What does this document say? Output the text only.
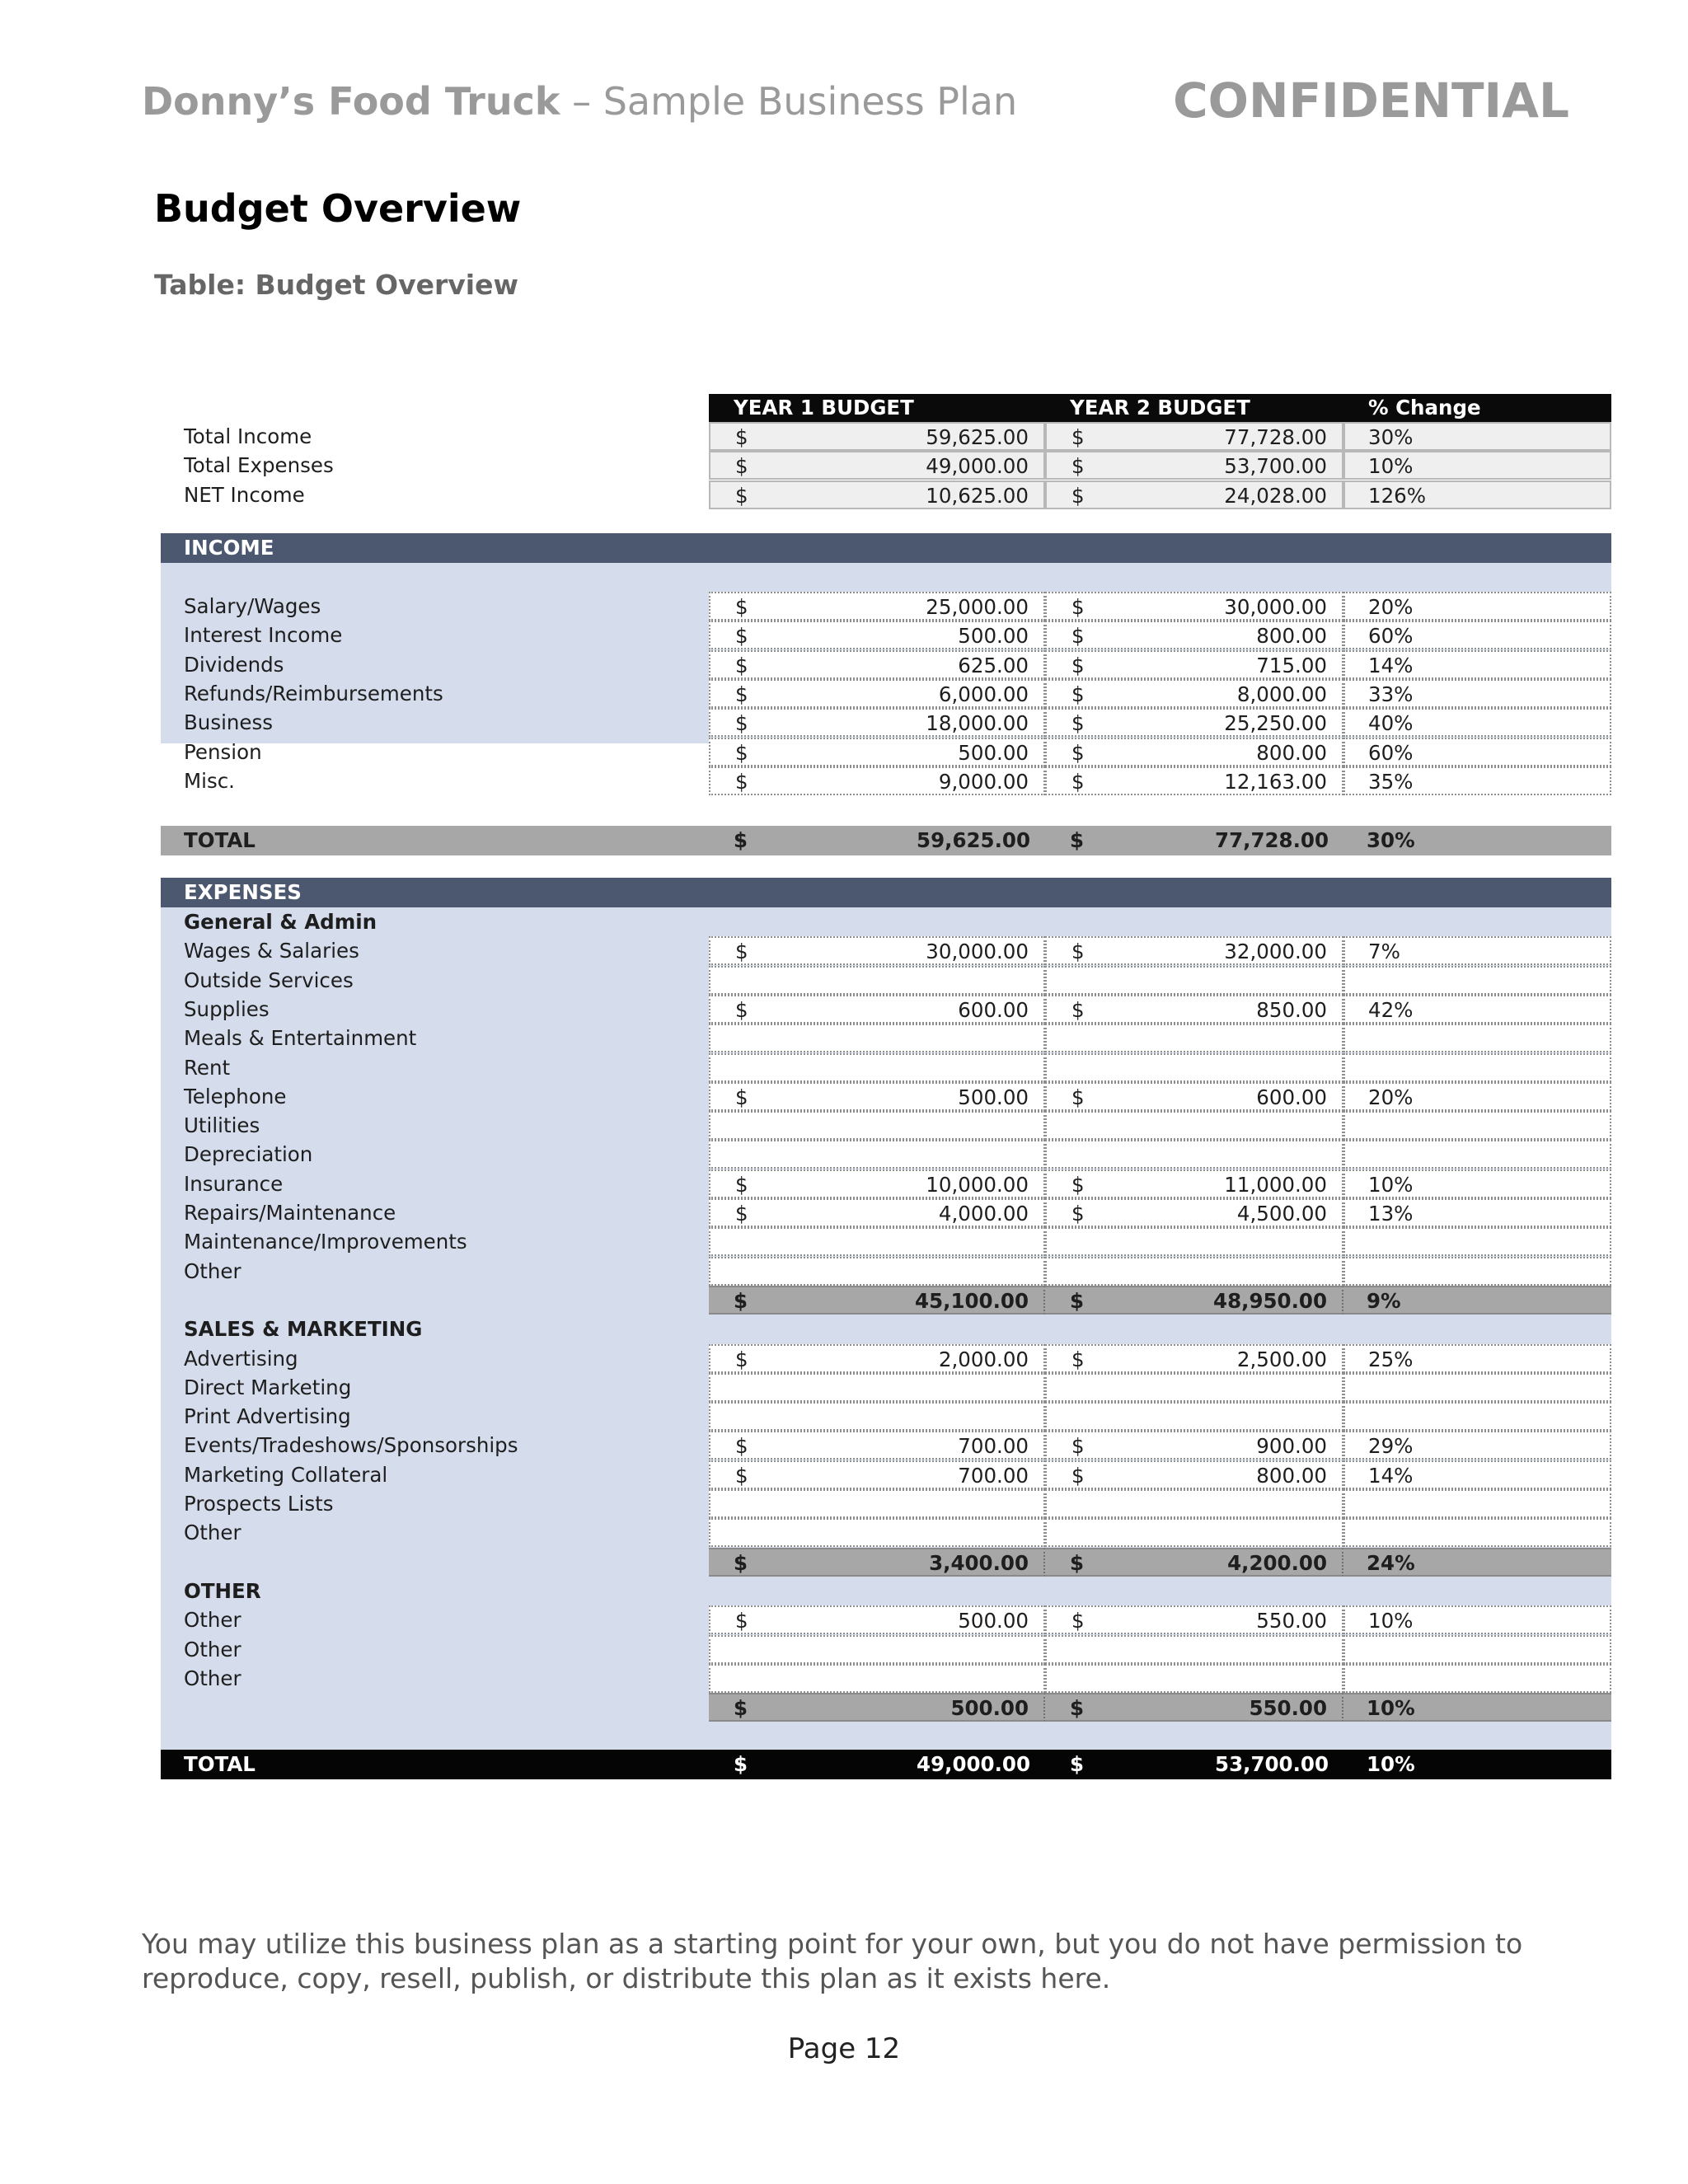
Donny’s Food Truck – Sample Business Plan	CONFIDENTIAL
Budget Overview
Table: Budget Overview
YEAR 1 BUDGET	YEAR 2 BUDGET	% Change
Total Income	$	59,625.00 $	77,728.00 30%
Total Expenses	$	49,000.00 $	53,700.00 10%
NET Income	$	10,625.00 $	24,028.00 126%
INCOME
Salary/Wages	$	25,000.00 $	30,000.00 20%
Interest Income	$	500.00 $	800.00 60%
Dividends	$	625.00 $	715.00 14%
Refunds/Reimbursements	$	6,000.00 $	8,000.00 33%
Business	$	18,000.00 $	25,250.00 40%
Pension	$	500.00 $	800.00 60%
Misc.	$	9,000.00 $	12,163.00 35%
TOTAL	$	59,625.00 $	77,728.00 30%
EXPENSES
General & Admin
Wages & Salaries	$	30,000.00 $	32,000.00 7%
Outside Services
Supplies	$	600.00 $	850.00 42%
Meals & Entertainment
Rent
Telephone	$	500.00 $	600.00 20%
Utilities
Depreciation
Insurance	$	10,000.00 $	11,000.00 10%
Repairs/Maintenance	$	4,000.00 $	4,500.00 13%
Maintenance/Improvements
Other
$	45,100.00 $	48,950.00 9%
SALES & MARKETING
Advertising	$	2,000.00 $	2,500.00 25%
Direct Marketing
Print Advertising
Events/Tradeshows/Sponsorships	$	700.00 $	900.00 29%
Marketing Collateral	$	700.00 $	800.00 14%
Prospects Lists
Other
$	3,400.00 $	4,200.00 24%
OTHER
Other	$	500.00 $	550.00 10%
Other
Other
$	500.00 $	550.00 10%
TOTAL	$	49,000.00 $	53,700.00 10%
You may utilize this business plan as a starting point for your own, but you do not have permission to reproduce, copy, resell, publish, or distribute this plan as it exists here.
Page 12
